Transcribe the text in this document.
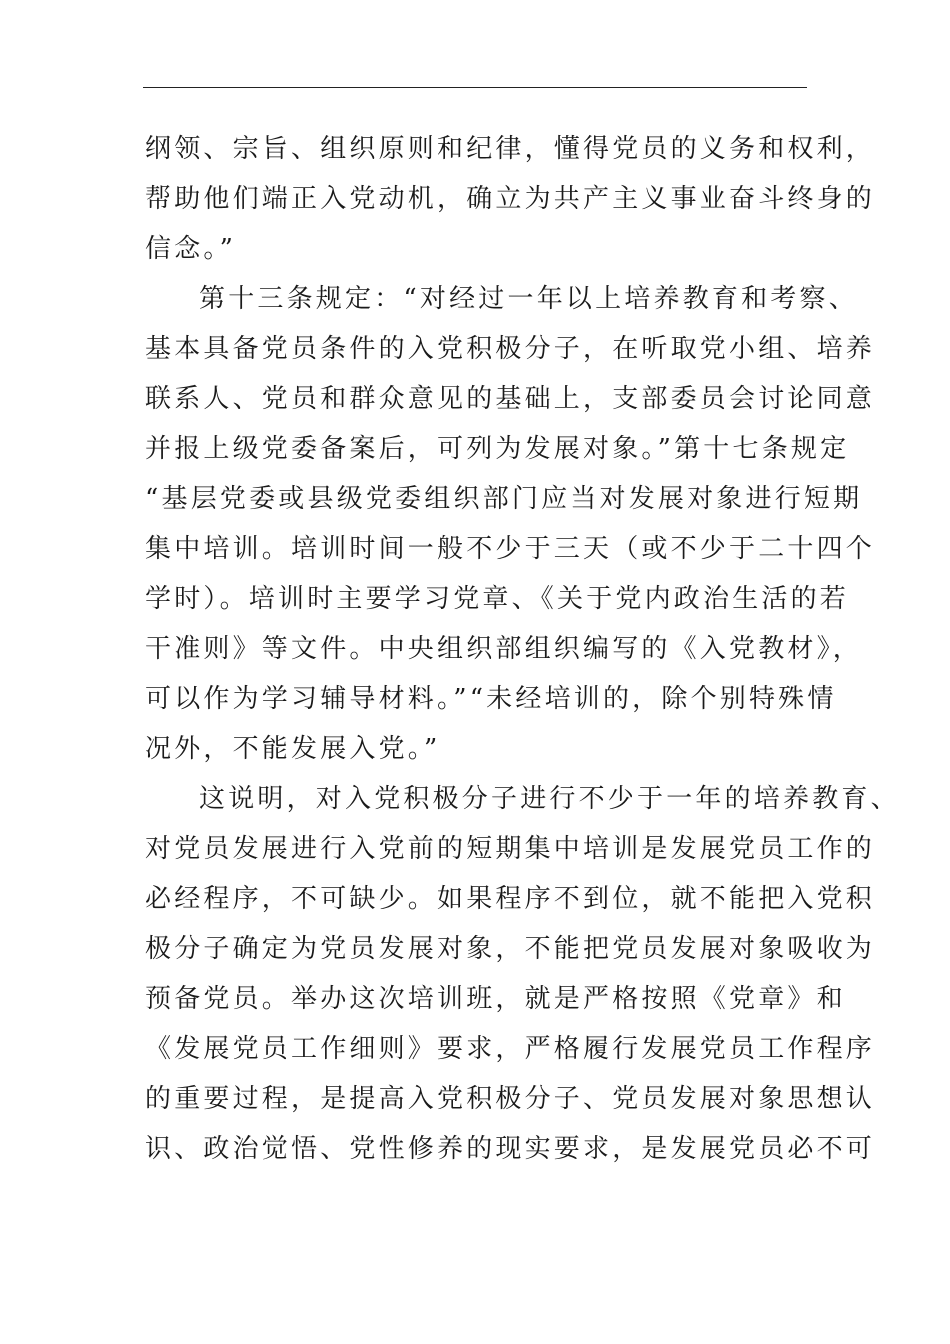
纲领、宗旨、组织原则和纪律，懂得党员的义务和权利，
帮助他们端正入党动机，确立为共产主义事业奋斗终身的
信念。”
第十三条规定：“对经过一年以上培养教育和考察、
基本具备党员条件的入党积极分子，在听取党小组、培养
联系人、党员和群众意见的基础上，支部委员会讨论同意
并报上级党委备案后，可列为发展对象。”第十七条规定
“基层党委或县级党委组织部门应当对发展对象进行短期
集中培训。培训时间一般不少于三天（或不少于二十四个
学时）。培训时主要学习党章、《关于党内政治生活的若
干准则》等文件。中央组织部组织编写的《入党教材》，
可以作为学习辅导材料。”“未经培训的，除个别特殊情
况外，不能发展入党。”
这说明，对入党积极分子进行不少于一年的培养教育、
对党员发展进行入党前的短期集中培训是发展党员工作的
必经程序，不可缺少。如果程序不到位，就不能把入党积
极分子确定为党员发展对象，不能把党员发展对象吸收为
预备党员。举办这次培训班，就是严格按照《党章》和
《发展党员工作细则》要求，严格履行发展党员工作程序
的重要过程，是提高入党积极分子、党员发展对象思想认
识、政治觉悟、党性修养的现实要求，是发展党员必不可
